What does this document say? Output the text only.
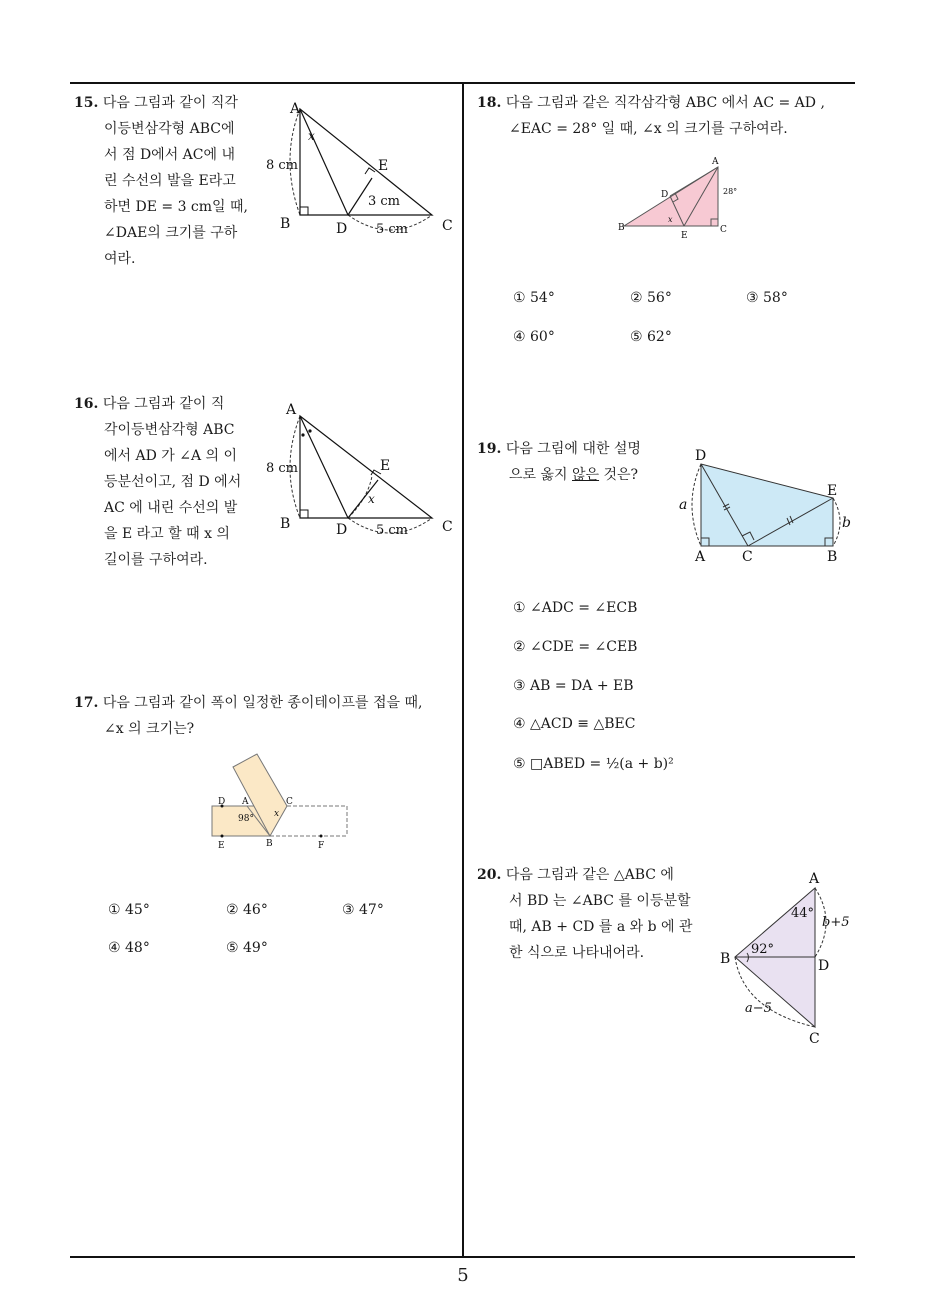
15. 다음 그림과 같이 직각
이등변삼각형 ABC에
서 점 D에서 AC에 내
린 수선의 발을 E라고
하면 DE = 3 cm일 때,
∠DAE의 크기를 구하
여라.
A
x
8 cm	E
3 cm
B	D 5 cm C
16. 다음 그림과 같이 직
각이등변삼각형 ABC
에서 AD 가 ∠A 의 이
등분선이고, 점 D 에서
AC 에 내린 수선의 발
을 E 라고 할 때 x 의
길이를 구하여라.
A
8 cm	E
x
B	D 5 cm C
17. 다음 그림과 같이 폭이 일정한 종이테이프를 접을 때,
∠x 의 크기는?
D A	C
98° x
E	B	F
① 45°	② 46°	③ 47°
④ 48°	⑤ 49°
18. 다음 그림과 같은 직각삼각형 ABC 에서 AC = AD ,
∠EAC = 28° 일 때, ∠x 의 크기를 구하여라.
A
D	28°
x
B
E
C
① 54°	② 56°	③ 58°
④ 60°	⑤ 62°
19. 다음 그림에 대한 설명
으로 옳지 않은 것은?
D
E
a
b
A	C	B
① ∠ADC = ∠ECB
② ∠CDE = ∠CEB
③ AB = DA + EB
④ △ACD ≡ △BEC
⑤ □ABED = ½(a + b)²
20. 다음 그림과 같은 △ABC 에
서 BD 는 ∠ABC 를 이등분할
때, AB + CD 를 a 와 b 에 관
한 식으로 나타내어라.
A
44°
b+5
92°
B	D
a−5
C
5
